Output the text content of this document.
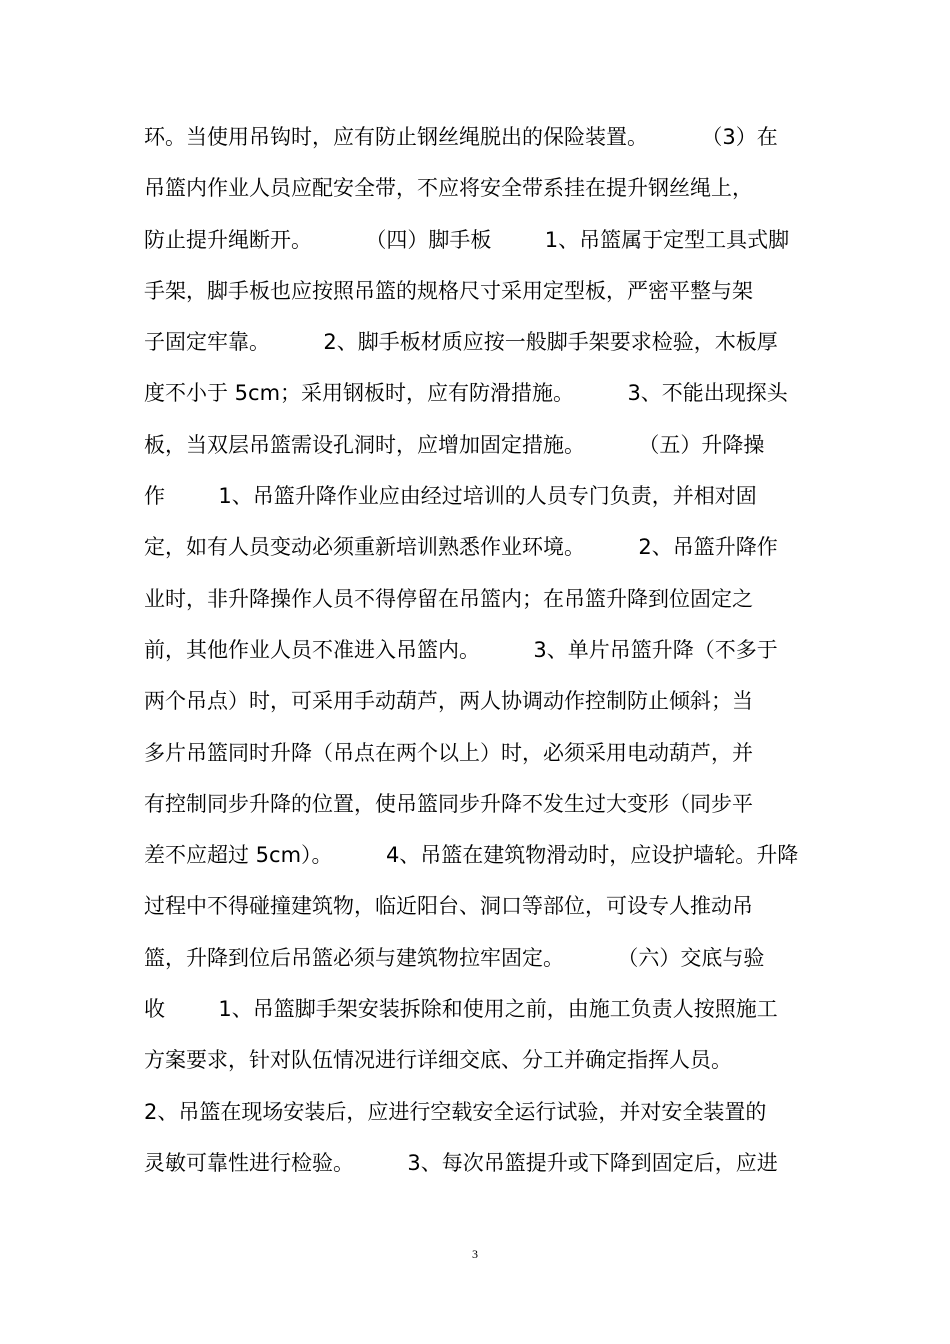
环。当使用吊钩时，应有防止钢丝绳脱出的保险装置。        （3）在
吊篮内作业人员应配安全带，不应将安全带系挂在提升钢丝绳上，
防止提升绳断开。        （四）脚手板        1、吊篮属于定型工具式脚
手架，脚手板也应按照吊篮的规格尺寸采用定型板，严密平整与架
子固定牢靠。        2、脚手板材质应按一般脚手架要求检验，木板厚
度不小于 5cm；采用钢板时，应有防滑措施。        3、不能出现探头
板，当双层吊篮需设孔洞时，应增加固定措施。        （五）升降操
作        1、吊篮升降作业应由经过培训的人员专门负责，并相对固
定，如有人员变动必须重新培训熟悉作业环境。        2、吊篮升降作
业时，非升降操作人员不得停留在吊篮内；在吊篮升降到位固定之
前，其他作业人员不准进入吊篮内。        3、单片吊篮升降（不多于
两个吊点）时，可采用手动葫芦，两人协调动作控制防止倾斜；当
多片吊篮同时升降（吊点在两个以上）时，必须采用电动葫芦，并
有控制同步升降的位置，使吊篮同步升降不发生过大变形（同步平
差不应超过 5cm）。        4、吊篮在建筑物滑动时，应设护墙轮。升降
过程中不得碰撞建筑物，临近阳台、洞口等部位，可设专人推动吊
篮，升降到位后吊篮必须与建筑物拉牢固定。        （六）交底与验
收        1、吊篮脚手架安装拆除和使用之前，由施工负责人按照施工
方案要求，针对队伍情况进行详细交底、分工并确定指挥人员。
2、吊篮在现场安装后，应进行空载安全运行试验，并对安全装置的
灵敏可靠性进行检验。        3、每次吊篮提升或下降到固定后，应进
3
